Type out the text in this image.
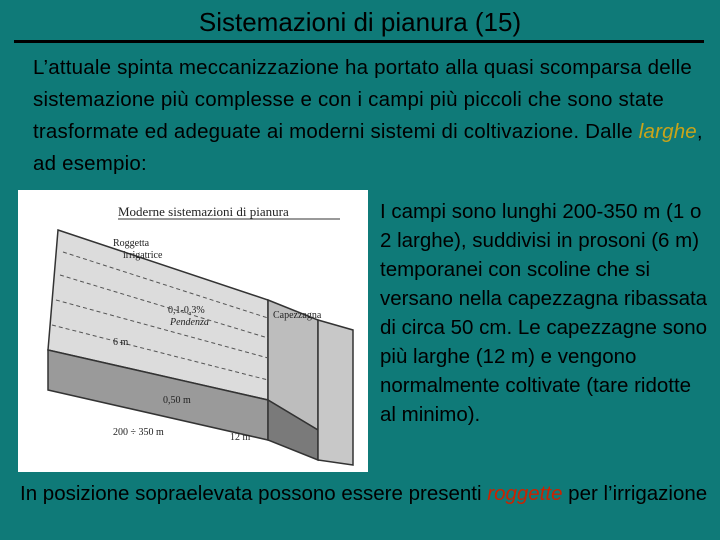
Sistemazioni di pianura (15)
L’attuale spinta meccanizzazione ha portato alla quasi scomparsa delle sistemazione più complesse e con i campi più piccoli che sono state trasformate ed adeguate ai moderni sistemi di coltivazione. Dalle larghe, ad esempio:
Moderne sistemazioni di pianura
Roggetta
irrigatrice
0,1-0,3%
Pendenza
Capezzagna
6 m
0,50 m
200 ÷ 350 m	12 m
I campi sono lunghi 200-350 m (1 o 2 larghe), suddivisi in prosoni (6 m) temporanei con scoline che si versano nella capezzagna ribassata di circa 50 cm. Le capezzagne sono più larghe (12 m) e vengono normalmente coltivate (tare ridotte al minimo).
In posizione sopraelevata possono essere presenti roggette per l’irrigazione
